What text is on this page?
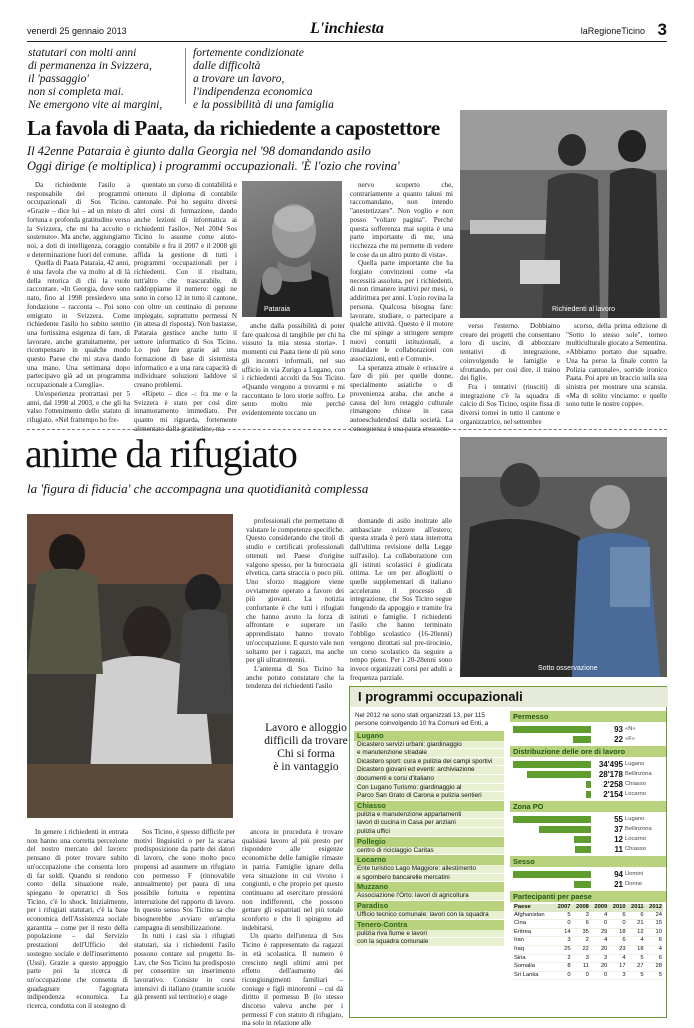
venerdì 25 gennaio 2013	L'inchiesta	laRegioneTicino 3
statutari con molti anni
di permanenza in Svizzera,
il 'passaggio'
non si completa mai.
Ne emergono vite ai margini,
fortemente condizionate
dalle difficoltà
a trovare un lavoro,
l'indipendenza economica
e la possibilità di una famiglia
La favola di Paata, da richiedente a capostettore
Il 42enne Pataraia è giunto dalla Georgia nel '98 domandando asilo
Oggi dirige (e moltiplica) i programmi occupazionali. 'È l'ozio che rovina'

Da richiedente l'asilo a responsabile dei programmi occupazionali di Sos Ticino. «Grazie – dice lui – ad un misto di fortuna e profonda gratitudine verso la Svizzera, che mi ha accolto e sostenuto». Ma anche, aggiungiamo noi, a doti di intelligenza, coraggio e determinazione fuori del comune.

Quella di Paata Pataraia, 42 anni, è una favola che va molto al di là della retorica di chi la vuole raccontare. «In Georgia, dove sono nato, fino al 1998 presiedevo una fondazione – racconta –. Poi sono emigrato in Svizzera. Come richiedente l'asilo ho subito sentito una fortissima esigenza di fare, di lavorare, anche gratuitamente, per ricompensare in qualche modo questo Paese che mi stava dando una mano. Una settimana dopo partecipavo già ad un programma occupazionale a Cureglia».

Un'esperienza protrattasi per 5 anni, dal 1998 al 2003, e che gli ha valso l'ottenimento dello statuto di rifugiato. «Nel frattempo ho fre-

quentato un corso di contabilità e ottenuto il diploma di contabile cantonale. Poi ho seguito diversi altri corsi di formazione, dando anche lezioni di informatica ai richiedenti l'asilo». Nel 2004 Sos Ticino lo assume come aiuto-contabile e fra il 2007 e il 2008 gli affida la gestione di tutti i programmi occupazionali per i richiedenti. Con il risultato, tutt'altro che trascurabile, di raddoppiarne il numero: oggi ne sono in corso 12 in tutto il cantone, con oltre un centinaio di persone impiegate, soprattutto permessi N (in attesa di risposta). Non bastasse, Pataraia gestisce anche tutto il settore informatico di Sos Ticino. Lo può fare grazie ad una formazione di base di sistemista informatico e a una rara capacità di individuare soluzioni laddove si creano problemi.

«Ripeto – dice –: fra me e la Svizzera è stato per così dire innamoramento immediato. Per quanto mi riguarda, fortemente alimentato dalla gratitudine, ma

Pataraia

anche dalla possibilità di poter fare qualcosa di tangibile per chi ha vissuto la mia stessa storia». I momenti cui Paata tiene di più sono gli incontri informali, nel suo ufficio in via Zurigo a Lugano, con i richiedenti accolti da Sos Ticino. «Quando vengono a trovarmi e mi raccontano le loro storie soffro. Le sento molto mie perché evidentemente toccano un

nervo scoperto che, contrariamente a quanto taluni mi raccomandano, non intendo "anestetizzare". Non voglio e non posso "voltare pagina". Perché questa sofferenza mai sopita è una parte importante di me, una ricchezza che mi permette di vedere le cose da un altro punto di vista».

Quella parte importante che ha forgiato convinzioni come «la necessità assoluta, per i richiedenti, di non rimanere inattivi per mesi, o addirittura per anni. L'ozio rovina la persona. Qualcosa bisogna fare: lavorare, studiare, o partecipare a qualche attività. Questo è il motore che mi spinge a stringere sempre nuovi contatti istituzionali, a rinsaldare le collaborazioni con associazioni, enti e Comuni».

La speranza attuale è «riuscire a fare di più per quelle donne, specialmente asiatiche o di provenienza araba, che anche a causa del loro retaggio culturale rimangono chiuse in casa autoescludendosi dalla società. La conseguenza è una paura crescente

Richiedenti al lavoro

verso l'esterno. Dobbiamo creare dei progetti che consentano loro di uscire, di abbozzare tentativi di integrazione, coinvolgendo le famiglie e sfruttando, per così dire, il traino dei figli».

Fra i tentativi (riusciti) di integrazione c'è la squadra di calcio di Sos Ticino, ospite fissa di diversi tornei in tutto il cantone e organizzatrice, nel settembre

scorso, della prima edizione di "Sotto lo stesso sole", torneo multiculturale giocato a Sementina. «Abbiamo portato due squadre. Una ha perso la finale contro la Polizia cantonale», sorride ironico Paata. Poi apre un braccio sulla sua sinistra per mostrare una scansia. «Ma di solito vinciamo: e quelle sono tutte le nostre coppe».

anime da rifugiato
la 'figura di fiducia' che accompagna una quotidianità complessa
Sotto osservazione

professionali che permettano di valutare le competenze specifiche. Questo considerando che titoli di studio e certificati professionali ottenuti nel Paese d'origine valgono spesso, per la burocrazia elvetica, carta straccia o poco più. Uno sforzo maggiore viene ovviamente operato a favore dei più giovani. La notizia confortante è che tutti i rifugiati che hanno avuto la forza di affrontare e superare un apprendistato hanno trovato un'occupazione. E questo vale non soltanto per i ragazzi, ma anche per gli ultratrentenni.

L'antenna di Sos Ticino ha anche potuto constatare che la tendenza dei richiedenti l'asilo

Lavoro e alloggio
difficili da trovare
Chi si forma
è in vantaggio

domande di asilo inoltrate alle ambasciate svizzere all'estero; questa strada è però stata interrotta dall'ultima revisione della Legge sull'asilo). La collaborazione con gli istituti scolastici è giudicata ottima. Le ore per allogliotti o quelle supplementari di italiano accelerano il processo di integrazione, che Sos Ticino segue fungendo da appoggio e tramite fra istituti e famiglie. I richiedenti l'asilo che hanno terminato l'obbligo scolastico (16-20enni) vengono dirottati sul pre-tirocinio, un corso scolastico da seguire a tempo pieno. Per i 20-28enni sono invece organizzati corsi per adulti a frequenza parziale.

In genere i richiedenti in entrata non hanno una corretta percezione del nostro mercato del lavoro: pensano di poter trovare subito un'occupazione che consenta loro di far soldi. Quando si rendono conto della situazione reale, spiegano le operatrici di Sos Ticino, c'è lo shock. Inizialmente, per i rifugiati statutari, c'è la base economica dell'Assistenza sociale garantita – come per il resto della popolazione – dal Servizio prestazioni dell'Ufficio del sostegno sociale e dell'inserimento (Ussi). Grazie a questo appoggio parte poi la ricerca di un'occupazione che consenta di guadagnare l'agognata indipendenza economica. La ricerca, condotta con il sostegno di

Sos Ticino, è spesso difficile per motivi linguistici o per la scarsa predisposizione da parte dei datori di lavoro, che sono molto poco propensi ad assumere un rifugiato con permesso F (rinnovabile annualmente) per paura di una possibile fortuita e repentina interruzione del rapporto di lavoro. In questo senso Sos Ticino sa che bisognerebbe avviare un'ampia campagna di sensibilizzazione.

In tutti i casi sia i rifugiati statutari, sia i richiedenti l'asilo possono contare sul progetto In-Lav, che Sos Ticino ha predisposto per consentire un inserimento lavorativo. Consiste in corsi intensivi di italiano (tramite scuole già presenti sul territorio) e stage

ancora in procedura è trovare qualsiasi lavoro al più presto per rispondere alle esigenze economiche delle famiglie rimaste in patria. Famiglie ignare della vera situazione in cui vivono i congiunti, e che proprio per questo continuano ad esercitare pressioni non indifferenti, che possono gettare gli espatriati nel più totale sconforto e che li spingono ad indebitarsi.

Un quarto dell'utenza di Sos Ticino è rappresentato da ragazzi in età scolastica. Il numero è cresciuto negli ultimi anni per effetto dell'aumento dei ricongiungimenti familiari – coniuge e figli minorenni – cui dà diritto il permesso B (lo stesso discorso valeva anche per i permessi F con statuto di rifugiato, ma solo in relazione alle

I programmi occupazionali
Nel 2012 ne sono stati organizzati 13, per 115 persone coinvolgendo 10 fra Comuni ed Enti, a
Lugano
Dicastero servizi urbani: giardinaggio
e manutenzione stradale
Dicastero sport: cura e pulizia dei campi sportivi
Dicastero giovani ed eventi: archiviazione
documenti e corsi d'italiano
Con Lugano Turismo: giardinaggio al
Parco San Grato di Carona e pulizia sentieri
Chiasso
pulizia e manutenzione appartamenti
lavori di cucina in Casa per anziani
pulizia uffici
Pollegio
centro di riciclaggio Caritas
Locarno
Ente turistico Lago Maggiore: allestimento
e sgombero bancarelle mercatini
Muzzano
Associazione l'Orto: lavori di agricoltura
Paradiso
Ufficio tecnico comunale: lavori con la squadra
Tenero-Contra
pulizia riva fiume e lavori
con la squadra comunale
Permesso
93 «N»
22 «F»
Distribuzione delle ore di lavoro
34'495 Lugano
28'178 Bellinzona
2'258 Chiasso
2'154 Locarno
Zona PO
55 Lugano
37 Bellinzona
12 Locarno
11 Chiasso
Sesso
94 Uomini
21 Donne
Partecipanti per paese
Paese	2007	2008	2009	2010	2011	2012
Afghanistan	5	3	4	6	6	24
Cina	0	6	0	0	21	15
Eritrea	14	35	29	18	12	10
Iran	3	2	4	6	4	6
Iraq	25	22	20	23	18	4
Siria	2	3	3	4	5	6
Somalia	8	11	20	17	27	28
Sri Lanka	0	0	0	3	5	5
